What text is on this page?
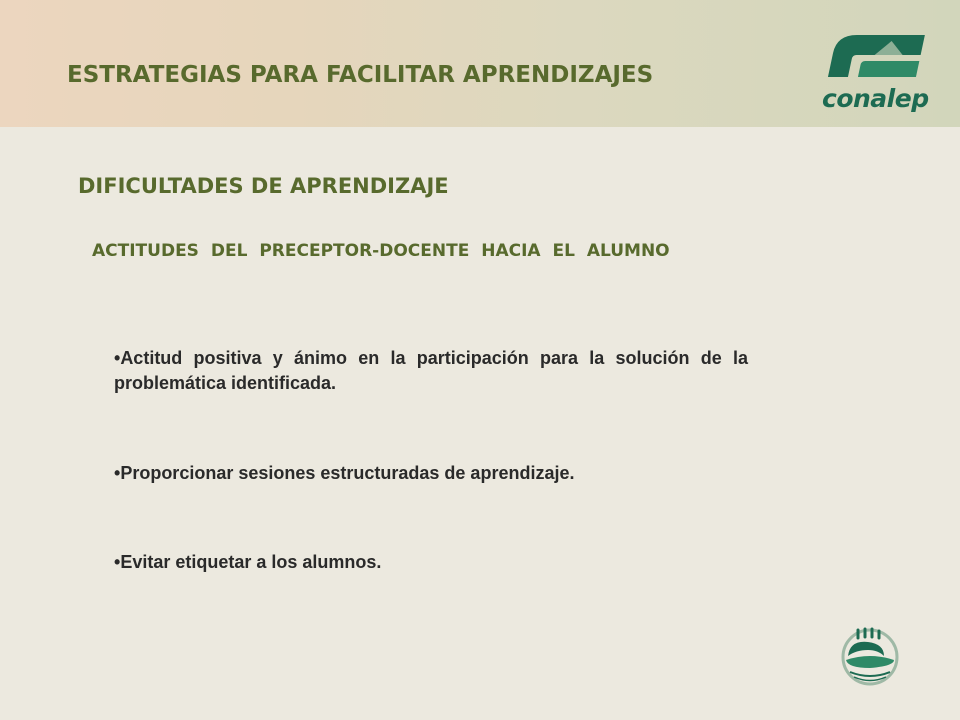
ESTRATEGIAS PARA FACILITAR APRENDIZAJES
conalep
DIFICULTADES DE APRENDIZAJE

ACTITUDES DEL PRECEPTOR-DOCENTE HACIA EL ALUMNO

•Actitud positiva y ánimo en la participación para la solución de la problemática identificada.
•Proporcionar sesiones estructuradas de aprendizaje.
•Evitar etiquetar a los alumnos.
